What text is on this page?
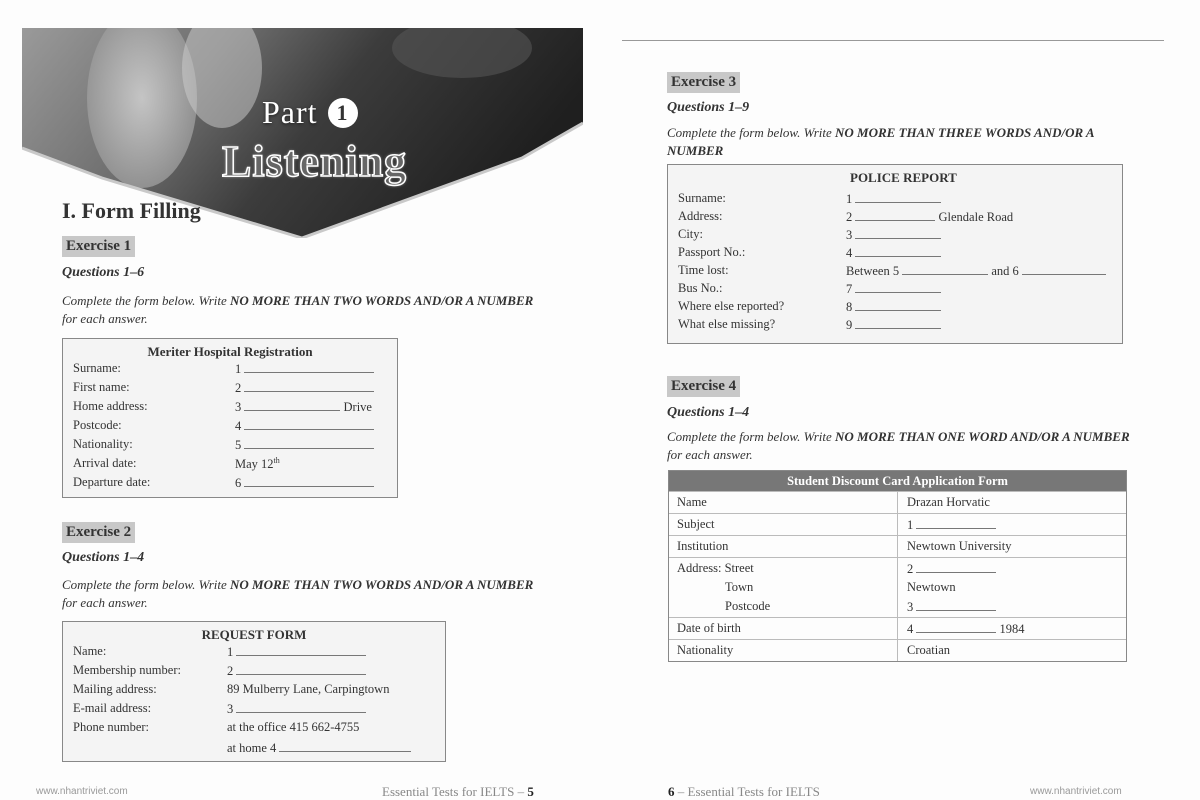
Part 1
Listening
I. Form Filling
Exercise 1
Questions 1–6
Complete the form below. Write NO MORE THAN TWO WORDS AND/OR A NUMBER
for each answer.
Meriter Hospital Registration
Surname:	1
First name:	2
Home address:	3	Drive
Postcode:	4
Nationality:	5
Arrival date:	May 12th
Departure date:	6
Exercise 2
Questions 1–4
Complete the form below. Write NO MORE THAN TWO WORDS AND/OR A NUMBER
for each answer.
REQUEST FORM
Name:	1
Membership number:	2
Mailing address:	89 Mulberry Lane, Carpingtown
E-mail address:	3
Phone number:	at the office 415 662-4755
at home 4
www.nhantriviet.com	Essential Tests for IELTS – 5
Exercise 3
Questions 1–9
Complete the form below. Write NO MORE THAN THREE WORDS AND/OR A NUMBER

POLICE REPORT
Surname:	1
Address:	2	Glendale Road
City:	3
Passport No.:	4
Time lost:	Between 5	and 6
Bus No.:	7
Where else reported?	8
What else missing?	9
Exercise 4
Questions 1–4
Complete the form below. Write NO MORE THAN ONE WORD AND/OR A NUMBER for each answer.
Student Discount Card Application Form
Name	Drazan Horvatic
Subject	1
Institution	Newtown University
Address: Street	2
Town	Newtown
Postcode	3
Date of birth	4	1984
Nationality	Croatian
6 – Essential Tests for IELTS	www.nhantriviet.com
